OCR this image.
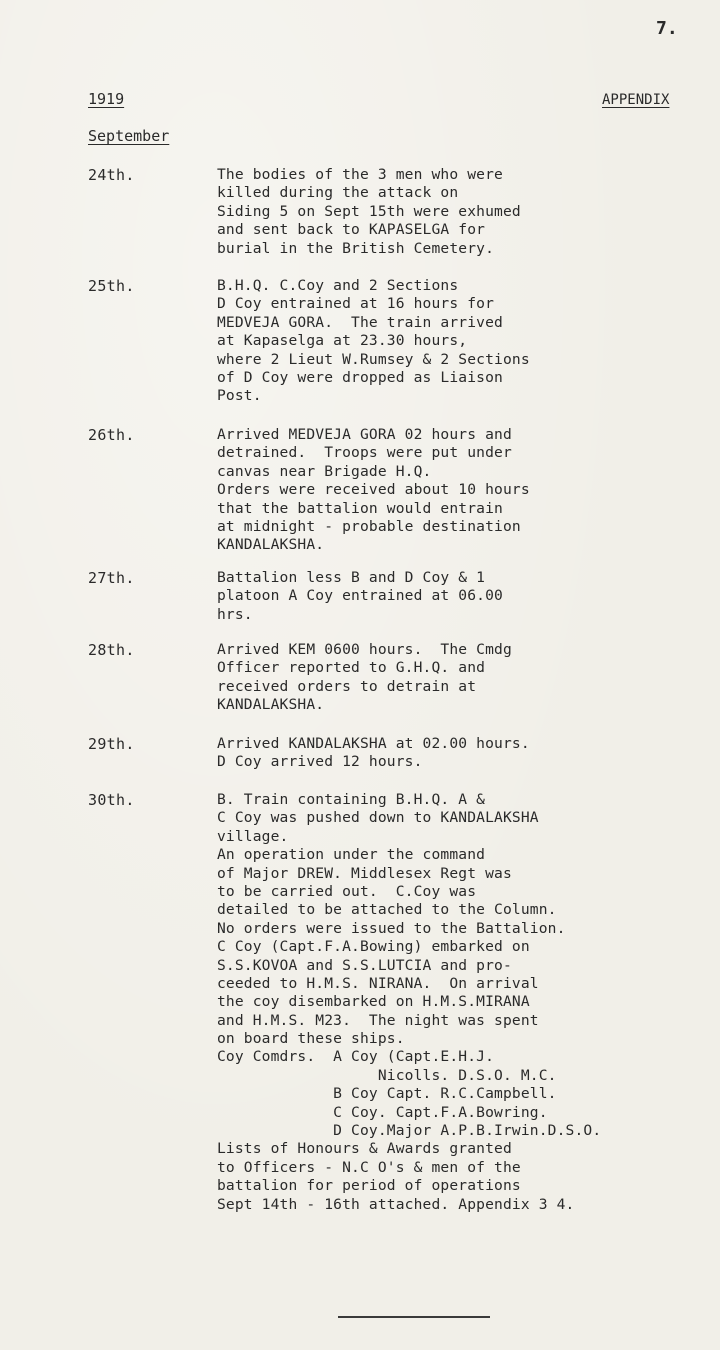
7.
1919	APPENDIX
September
24th.	The bodies of the 3 men who were
killed during the attack on
Siding 5 on Sept 15th were exhumed
and sent back to KAPASELGA for
burial in the British Cemetery.
25th.	B.H.Q. C.Coy and 2 Sections
D Coy entrained at 16 hours for
MEDVEJA GORA.  The train arrived
at Kapaselga at 23.30 hours,
where 2 Lieut W.Rumsey & 2 Sections
of D Coy were dropped as Liaison
Post.
26th.	Arrived MEDVEJA GORA 02 hours and
detrained.  Troops were put under
canvas near Brigade H.Q.
Orders were received about 10 hours
that the battalion would entrain
at midnight - probable destination
KANDALAKSHA.
27th.	Battalion less B and D Coy & 1
platoon A Coy entrained at 06.00
hrs.
28th.	Arrived KEM 0600 hours.  The Cmdg
Officer reported to G.H.Q. and
received orders to detrain at
KANDALAKSHA.
29th.	Arrived KANDALAKSHA at 02.00 hours.
D Coy arrived 12 hours.
30th.	B. Train containing B.H.Q. A &
C Coy was pushed down to KANDALAKSHA
village.
An operation under the command
of Major DREW. Middlesex Regt was
to be carried out.  C.Coy was
detailed to be attached to the Column.
No orders were issued to the Battalion.
C Coy (Capt.F.A.Bowing) embarked on
S.S.KOVOA and S.S.LUTCIA and pro-
ceeded to H.M.S. NIRANA.  On arrival
the coy disembarked on H.M.S.MIRANA
and H.M.S. M23.  The night was spent
on board these ships.
Coy Comdrs.  A Coy (Capt.E.H.J.
Nicolls. D.S.O. M.C.
B Coy Capt. R.C.Campbell.
C Coy. Capt.F.A.Bowring.
D Coy.Major A.P.B.Irwin.D.S.O.
Lists of Honours & Awards granted
to Officers - N.C O's & men of the
battalion for period of operations
Sept 14th - 16th attached. Appendix 3 4.
